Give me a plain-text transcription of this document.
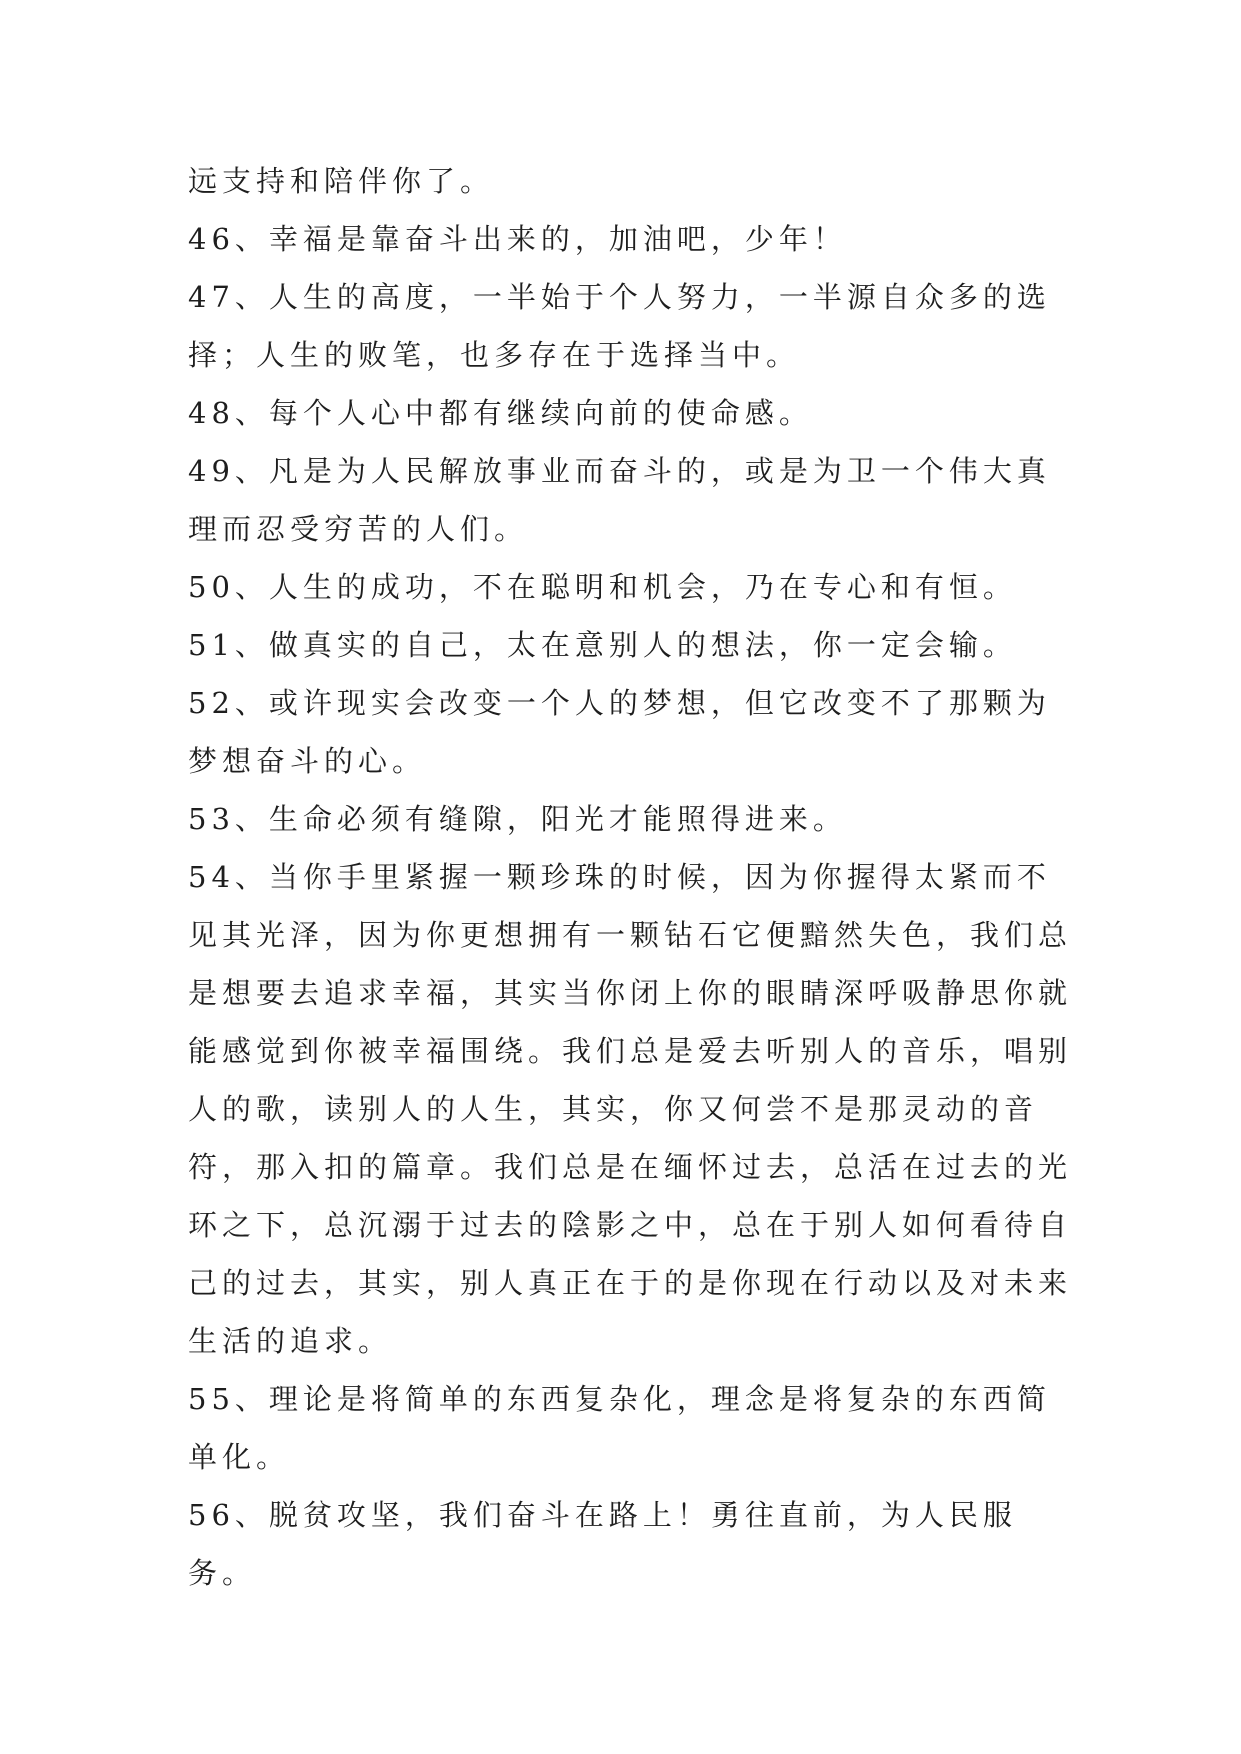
远支持和陪伴你了。

46、幸福是靠奋斗出来的，加油吧，少年！

47、人生的高度，一半始于个人努力，一半源自众多的选择；人生的败笔，也多存在于选择当中。

48、每个人心中都有继续向前的使命感。

49、凡是为人民解放事业而奋斗的，或是为卫一个伟大真理而忍受穷苦的人们。

50、人生的成功，不在聪明和机会，乃在专心和有恒。

51、做真实的自己，太在意别人的想法，你一定会输。

52、或许现实会改变一个人的梦想，但它改变不了那颗为梦想奋斗的心。

53、生命必须有缝隙，阳光才能照得进来。

54、当你手里紧握一颗珍珠的时候，因为你握得太紧而不见其光泽，因为你更想拥有一颗钻石它便黯然失色，我们总是想要去追求幸福，其实当你闭上你的眼睛深呼吸静思你就能感觉到你被幸福围绕。我们总是爱去听别人的音乐，唱别人的歌，读别人的人生，其实，你又何尝不是那灵动的音符，那入扣的篇章。我们总是在缅怀过去，总活在过去的光环之下，总沉溺于过去的陰影之中，总在于别人如何看待自己的过去，其实，别人真正在于的是你现在行动以及对未来生活的追求。

55、理论是将简单的东西复杂化，理念是将复杂的东西简单化。

56、脱贫攻坚，我们奋斗在路上！勇往直前，为人民服务。
